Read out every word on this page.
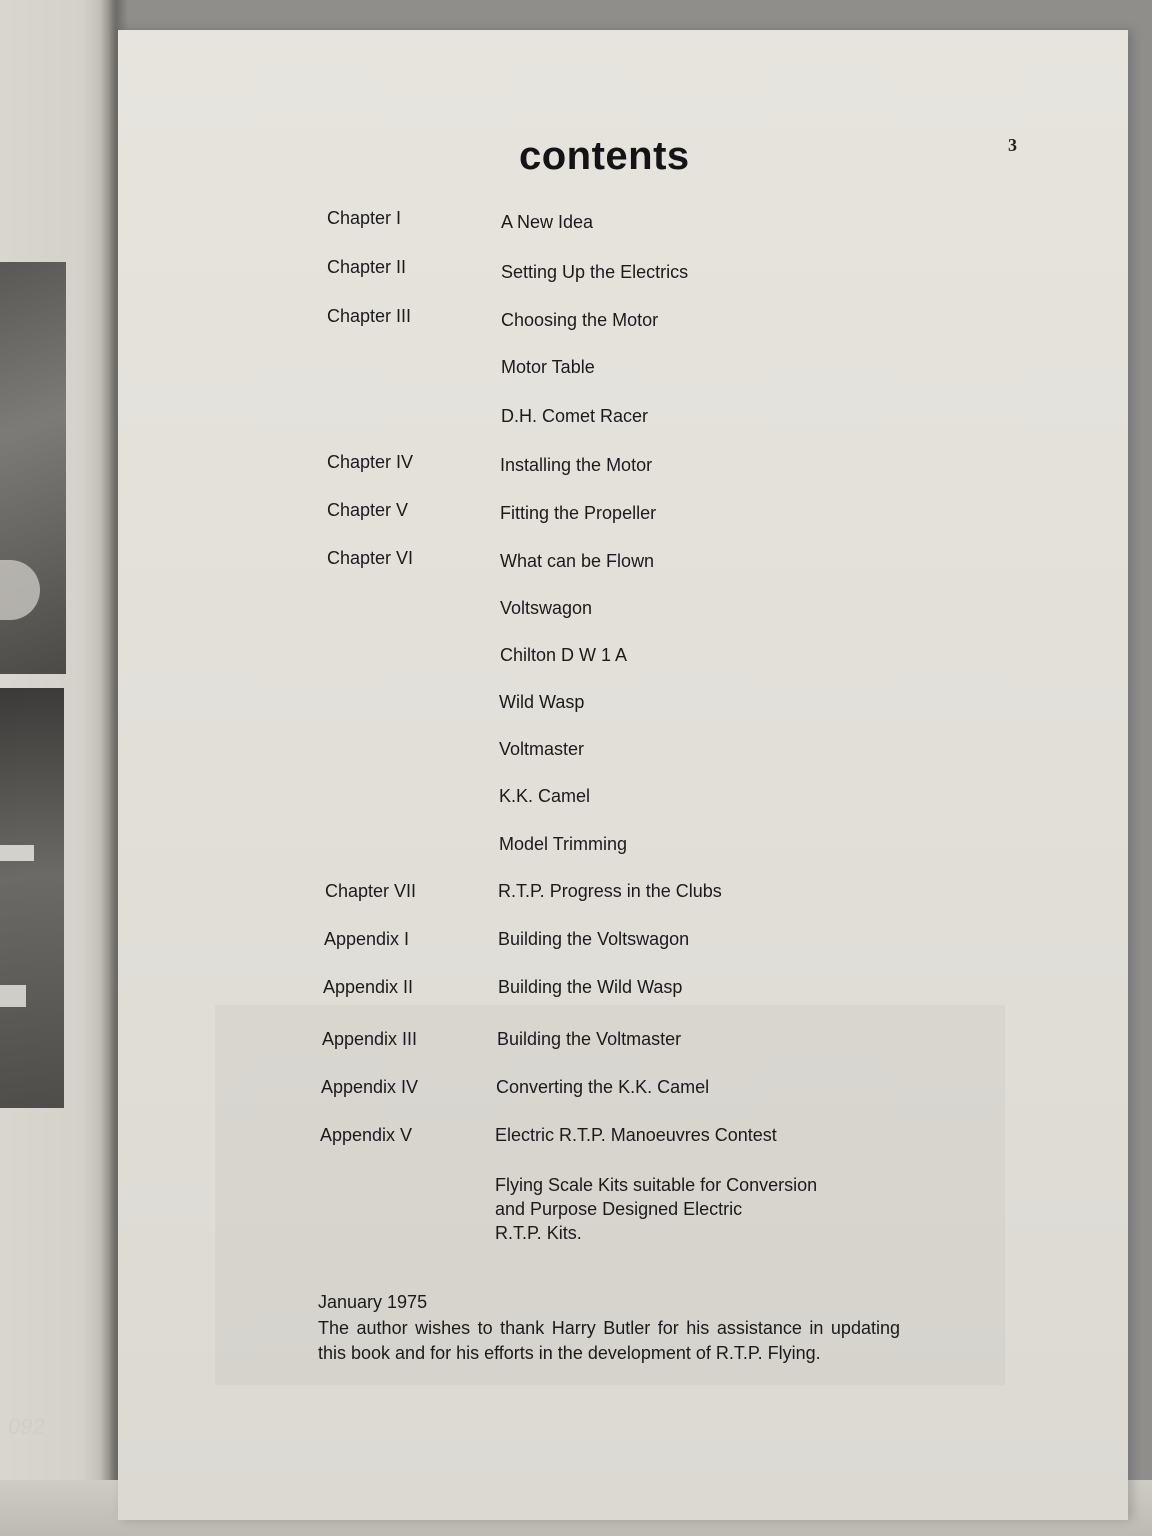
092
contents	3
Chapter I	A New Idea
Chapter II	Setting Up the Electrics
Chapter III	Choosing the Motor
Motor Table
D.H. Comet Racer
Chapter IV	Installing the Motor
Chapter V	Fitting the Propeller
Chapter VI	What can be Flown
Voltswagon
Chilton D W 1 A
Wild Wasp
Voltmaster
K.K. Camel
Model Trimming
Chapter VII	R.T.P. Progress in the Clubs
Appendix I	Building the Voltswagon
Appendix II	Building the Wild Wasp
Appendix III	Building the Voltmaster
Appendix IV	Converting the K.K. Camel
Appendix V	Electric R.T.P. Manoeuvres Contest
Flying Scale Kits suitable for Conversion
and Purpose Designed Electric
R.T.P. Kits.
January 1975
The author wishes to thank Harry Butler for his assistance in updating this book and for his efforts in the development of R.T.P. Flying.
